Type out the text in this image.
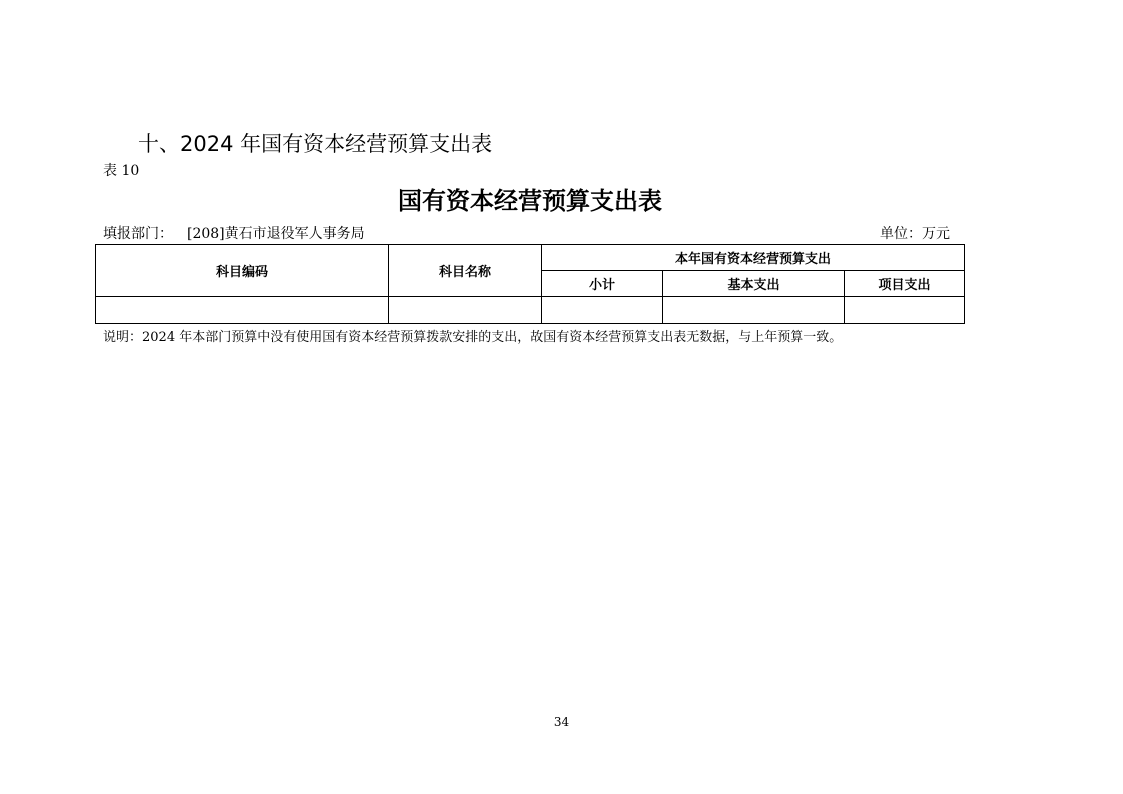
十、2024 年国有资本经营预算支出表
表 10
国有资本经营预算支出表
填报部门： [208]黄石市退役军人事务局	单位：万元
科目编码	科目名称	本年国有资本经营预算支出		
		小计	基本支出	项目支出

说明：2024 年本部门预算中没有使用国有资本经营预算拨款安排的支出，故国有资本经营预算支出表无数据，与上年预算一致。
34
